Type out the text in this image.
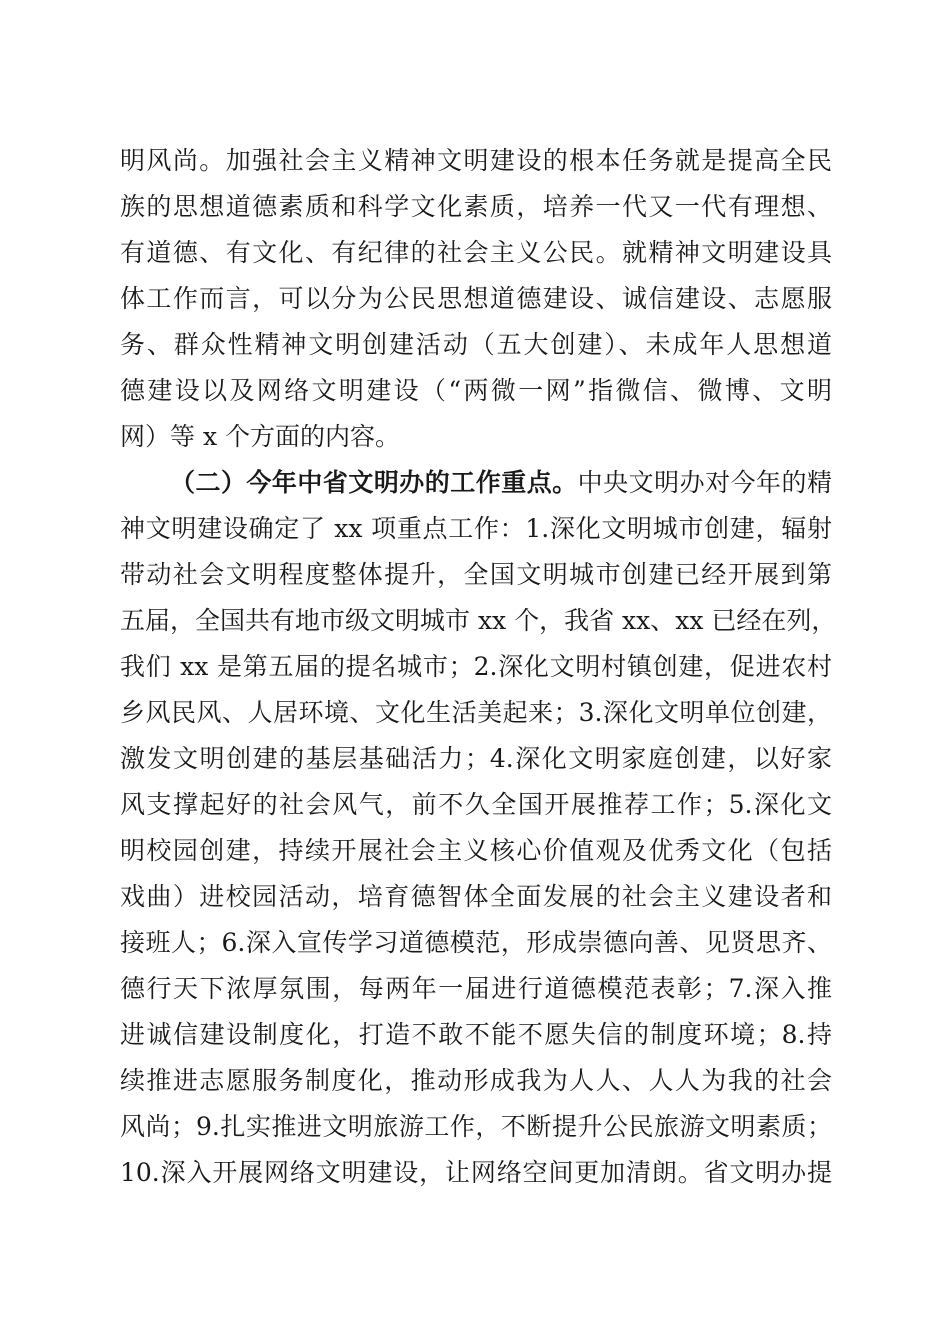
明风尚。加强社会主义精神文明建设的根本任务就是提高全民
族的思想道德素质和科学文化素质，培养一代又一代有理想、
有道德、有文化、有纪律的社会主义公民。就精神文明建设具
体工作而言，可以分为公民思想道德建设、诚信建设、志愿服
务、群众性精神文明创建活动（五大创建）、未成年人思想道
德建设以及网络文明建设（“两微一网”指微信、微博、文明
网）等 x 个方面的内容。
（二）今年中省文明办的工作重点。中央文明办对今年的精
神文明建设确定了 xx 项重点工作：1.深化文明城市创建，辐射
带动社会文明程度整体提升，全国文明城市创建已经开展到第
五届，全国共有地市级文明城市 xx 个，我省 xx、xx 已经在列，
我们 xx 是第五届的提名城市；2.深化文明村镇创建，促进农村
乡风民风、人居环境、文化生活美起来；3.深化文明单位创建，
激发文明创建的基层基础活力；4.深化文明家庭创建，以好家
风支撑起好的社会风气，前不久全国开展推荐工作；5.深化文
明校园创建，持续开展社会主义核心价值观及优秀文化（包括
戏曲）进校园活动，培育德智体全面发展的社会主义建设者和
接班人；6.深入宣传学习道德模范，形成崇德向善、见贤思齐、
德行天下浓厚氛围，每两年一届进行道德模范表彰；7.深入推
进诚信建设制度化，打造不敢不能不愿失信的制度环境；8.持
续推进志愿服务制度化，推动形成我为人人、人人为我的社会
风尚；9.扎实推进文明旅游工作，不断提升公民旅游文明素质；
10.深入开展网络文明建设，让网络空间更加清朗。省文明办提
